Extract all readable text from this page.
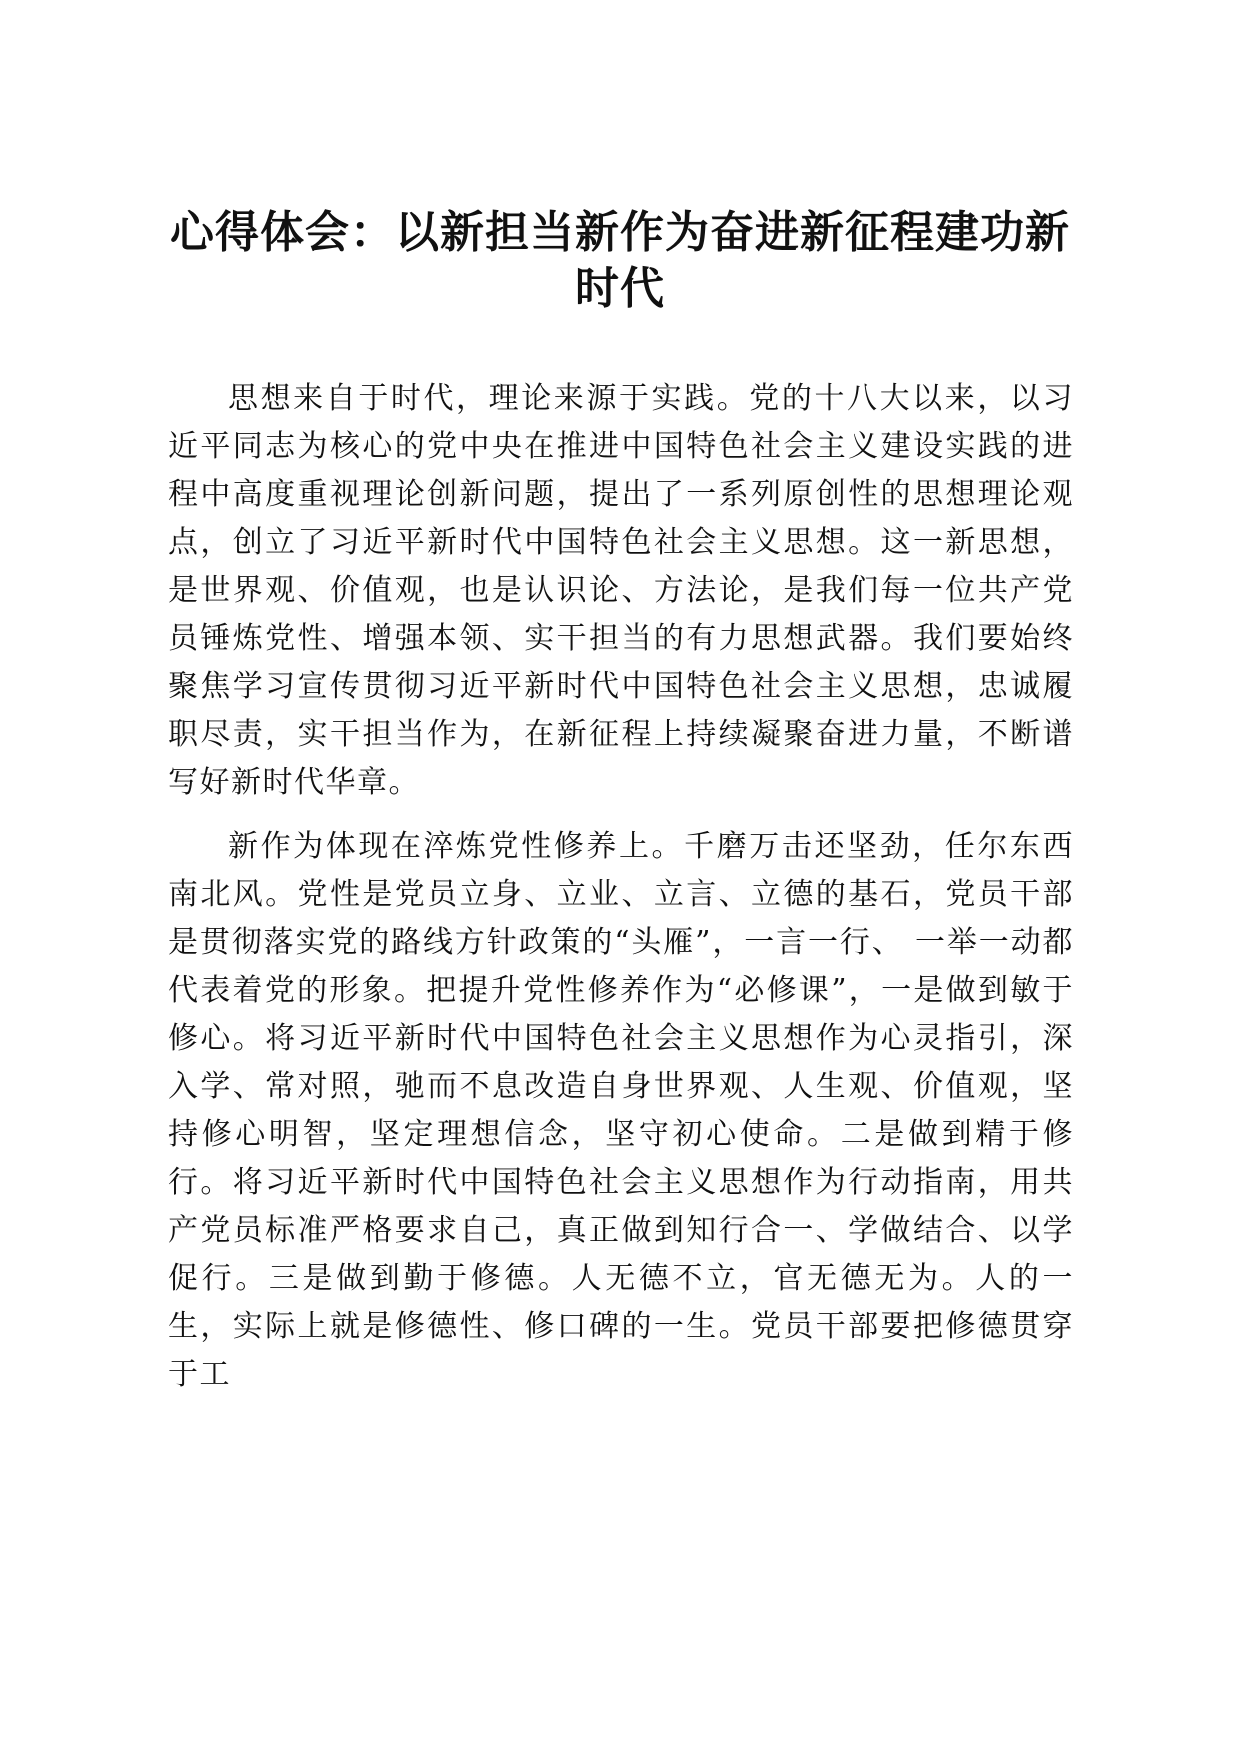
心得体会：以新担当新作为奋进新征程建功新时代

思想来自于时代，理论来源于实践。党的十八大以来，以习近平同志为核心的党中央在推进中国特色社会主义建设实践的进程中高度重视理论创新问题，提出了一系列原创性的思想理论观点，创立了习近平新时代中国特色社会主义思想。这一新思想，是世界观、价值观，也是认识论、方法论，是我们每一位共产党员锤炼党性、增强本领、实干担当的有力思想武器。我们要始终聚焦学习宣传贯彻习近平新时代中国特色社会主义思想，忠诚履职尽责，实干担当作为，在新征程上持续凝聚奋进力量，不断谱写好新时代华章。

新作为体现在淬炼党性修养上。千磨万击还坚劲，任尔东西南北风。党性是党员立身、立业、立言、立德的基石，党员干部是贯彻落实党的路线方针政策的“头雁”，一言一行、 一举一动都代表着党的形象。把提升党性修养作为“必修课”，一是做到敏于修心。将习近平新时代中国特色社会主义思想作为心灵指引，深入学、常对照，驰而不息改造自身世界观、人生观、价值观，坚持修心明智，坚定理想信念，坚守初心使命。二是做到精于修行。将习近平新时代中国特色社会主义思想作为行动指南，用共产党员标准严格要求自己，真正做到知行合一、学做结合、以学促行。三是做到勤于修德。人无德不立，官无德无为。人的一生，实际上就是修德性、修口碑的一生。党员干部要把修德贯穿于工
